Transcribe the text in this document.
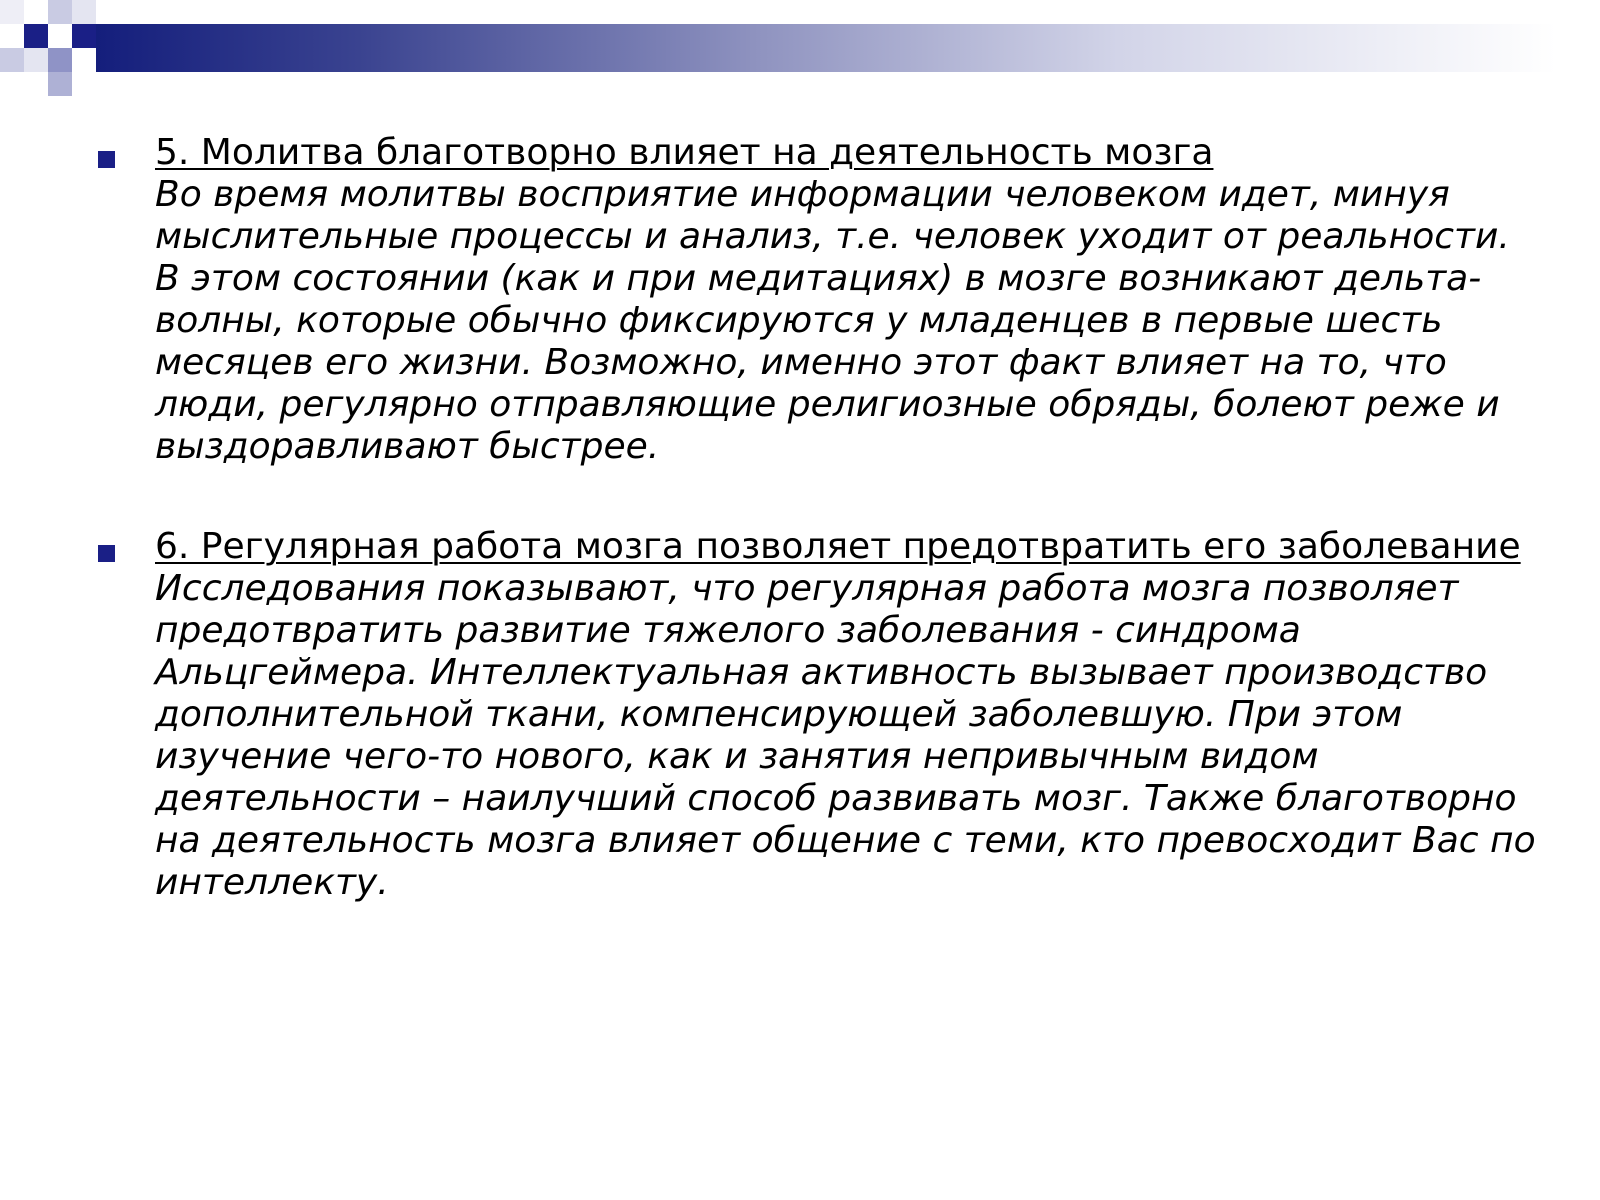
5. Молитва благотворно влияет на деятельность мозга
Во время молитвы восприятие информации человеком идет, минуя мыслительные процессы и анализ, т.е. человек уходит от реальности. В этом состоянии (как и при медитациях) в мозге возникают дельта-волны, которые обычно фиксируются у младенцев в первые шесть месяцев его жизни. Возможно, именно этот факт влияет на то, что люди, регулярно отправляющие религиозные обряды, болеют реже и выздоравливают быстрее.
6. Регулярная работа мозга позволяет предотвратить его заболевание
Исследования показывают, что регулярная работа мозга позволяет предотвратить развитие тяжелого заболевания - синдрома Альцгеймера. Интеллектуальная активность вызывает производство дополнительной ткани, компенсирующей заболевшую. При этом изучение чего-то нового, как и занятия непривычным видом деятельности – наилучший способ развивать мозг. Также благотворно на деятельность мозга влияет общение с теми, кто превосходит Вас по интеллекту.
